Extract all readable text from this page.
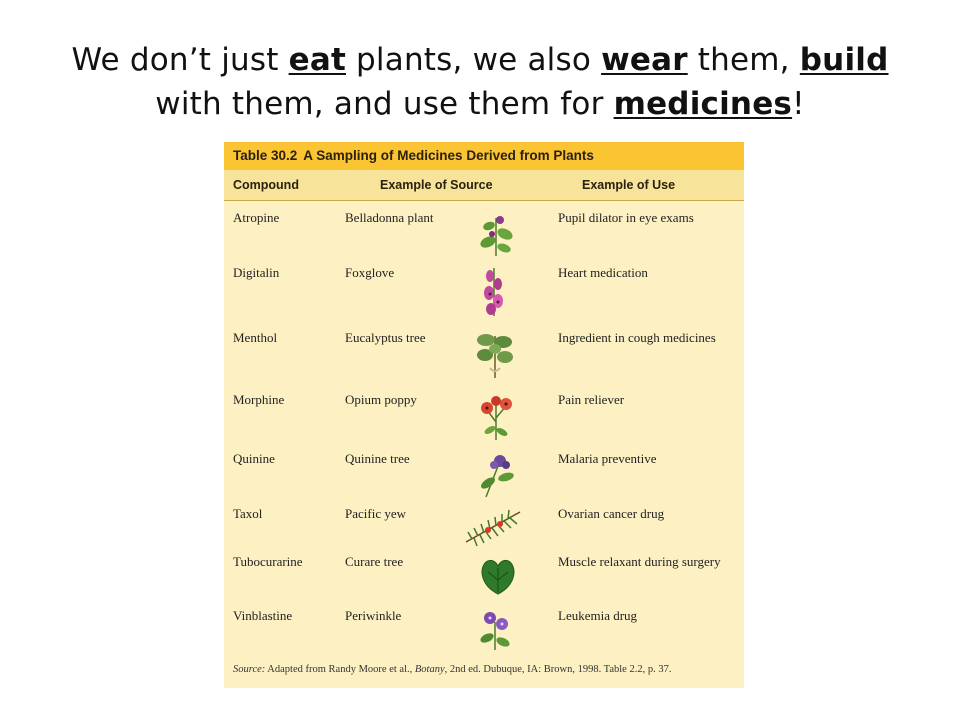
We don’t just eat plants, we also wear them, build
with them, and use them for medicines!
Table 30.2 A Sampling of Medicines Derived from Plants
Compound	Example of Source	Example of Use
Atropine	Belladonna plant	Pupil dilator in eye exams
Digitalin	Foxglove	Heart medication
Menthol	Eucalyptus tree	Ingredient in cough medicines
Morphine	Opium poppy	Pain reliever
Quinine	Quinine tree	Malaria preventive
Taxol	Pacific yew	Ovarian cancer drug
Tubocurarine	Curare tree	Muscle relaxant during surgery
Vinblastine	Periwinkle	Leukemia drug
Source: Adapted from Randy Moore et al., Botany, 2nd ed. Dubuque, IA: Brown, 1998. Table 2.2, p. 37.
